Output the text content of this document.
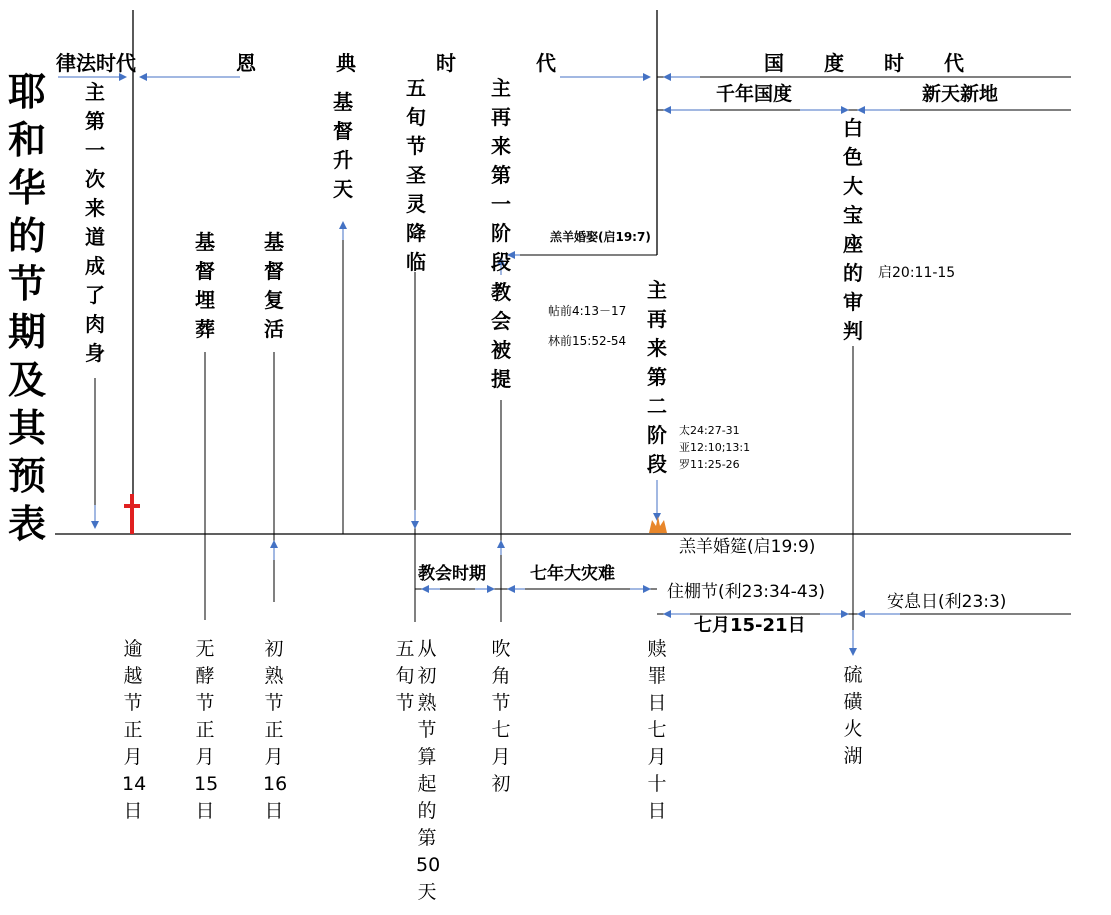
耶
和
华
的
节
期
及
其
预
表
律法时代	恩	典	时	代	国 度 时 代
千年国度	新天新地
主
第
一
次
来
道
成
了
肉
身
基
督
升
天
五
旬
节
圣
灵
降
临
主
再
来
第
一
阶
段
基
督
埋
葬
基
督
复
活
教
会
被
提
主
再
来
第
二
阶
段
白
色
大
宝
座
的
审
判
羔羊婚娶(启19:7)
帖前4:13－17
林前15:52-54
启20:11-15
太24:27-31
亚12:10;13:1
罗11:25-26
羔羊婚筵(启19:9)
教会时期	七年大灾难
住棚节(利23:34-43)
七月15-21日
安息日(利23:3)
逾
越
节
正
月
14
日
无
酵
节
正
月
15
日
初
熟
节
正
月
16
日
五
旬
节
从
初
熟
节
算
起
的
第
50
天
吹
角
节
七
月
初
赎
罪
日
七
月
十
日
硫
磺
火
湖
